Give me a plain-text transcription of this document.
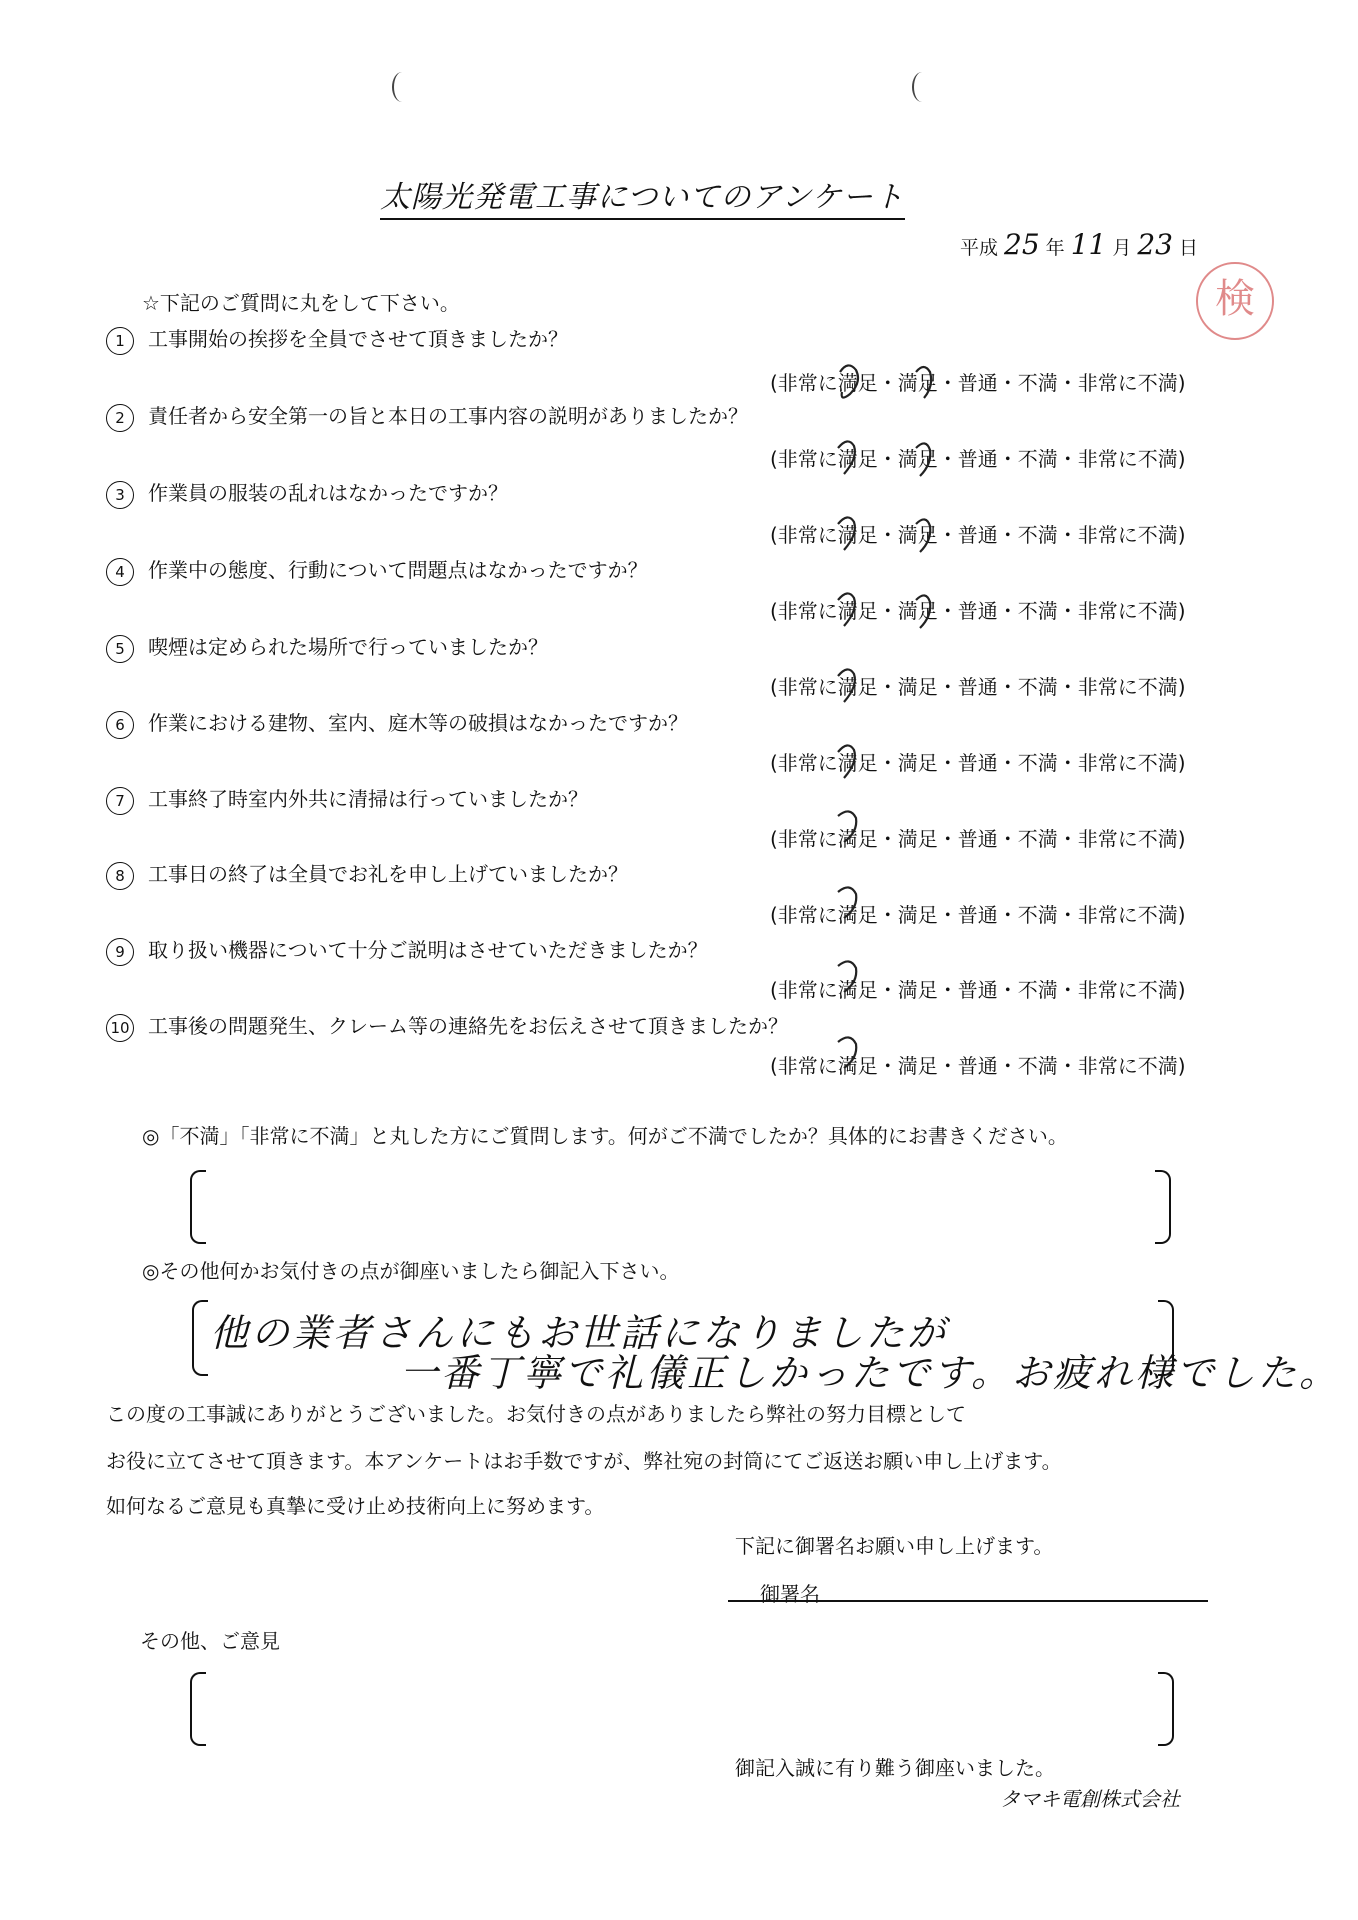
太陽光発電工事についてのアンケート
平成 25 年 11 月 23 日
検
☆下記のご質問に丸をして下さい。
1 工事開始の挨拶を全員でさせて頂きましたか？
(非常に満足・満足・普通・不満・非常に不満)
2 責任者から安全第一の旨と本日の工事内容の説明がありましたか？
(非常に満足・満足・普通・不満・非常に不満)
3 作業員の服装の乱れはなかったですか？
(非常に満足・満足・普通・不満・非常に不満)
4 作業中の態度、行動について問題点はなかったですか？
(非常に満足・満足・普通・不満・非常に不満)
5 喫煙は定められた場所で行っていましたか？
(非常に満足・満足・普通・不満・非常に不満)
6 作業における建物、室内、庭木等の破損はなかったですか？
(非常に満足・満足・普通・不満・非常に不満)
7 工事終了時室内外共に清掃は行っていましたか？
(非常に満足・満足・普通・不満・非常に不満)
8 工事日の終了は全員でお礼を申し上げていましたか？
(非常に満足・満足・普通・不満・非常に不満)
9 取り扱い機器について十分ご説明はさせていただきましたか？
(非常に満足・満足・普通・不満・非常に不満)
10 工事後の問題発生、クレーム等の連絡先をお伝えさせて頂きましたか？
(非常に満足・満足・普通・不満・非常に不満)
◎「不満」「非常に不満」と丸した方にご質問します。何がご不満でしたか？具体的にお書きください。
◎その他何かお気付きの点が御座いましたら御記入下さい。
他の業者さんにもお世話になりましたが
一番丁寧で礼儀正しかったです。お疲れ様でした。
この度の工事誠にありがとうございました。お気付きの点がありましたら弊社の努力目標として
お役に立てさせて頂きます。本アンケートはお手数ですが、弊社宛の封筒にてご返送お願い申し上げます。
如何なるご意見も真摯に受け止め技術向上に努めます。
下記に御署名お願い申し上げます。
御署名
その他、ご意見
御記入誠に有り難う御座いました。
タマキ電創株式会社
